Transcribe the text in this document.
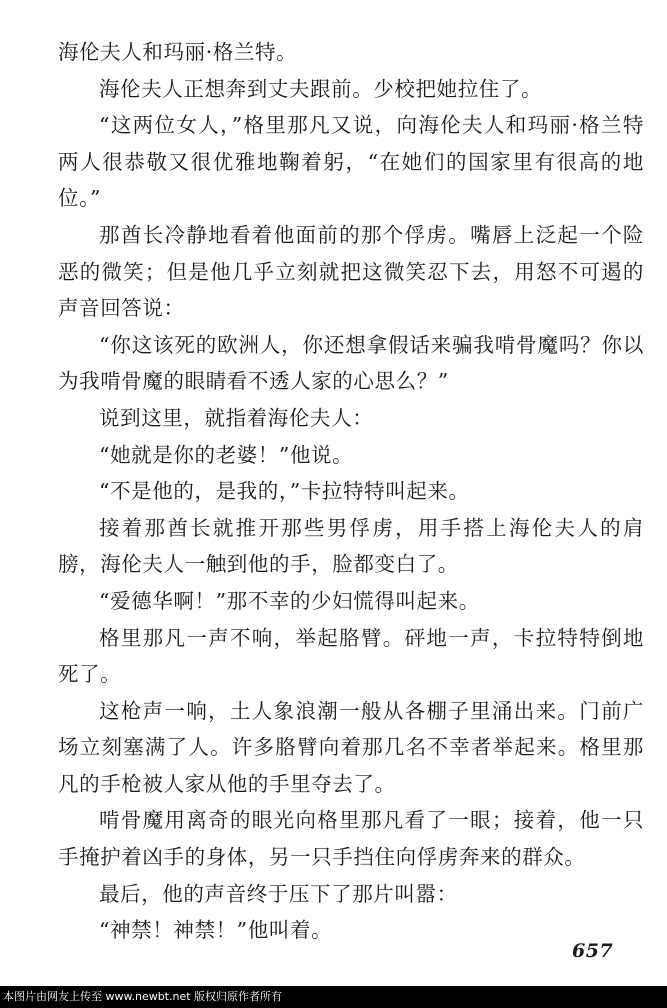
海伦夫人和玛丽·格兰特。

海伦夫人正想奔到丈夫跟前。少校把她拉住了。

“这两位女人，”格里那凡又说，向海伦夫人和玛丽·格兰特两人很恭敬又很优雅地鞠着躬，“在她们的国家里有很高的地位。”

那酋长冷静地看着他面前的那个俘虏。嘴唇上泛起一个险恶的微笑；但是他几乎立刻就把这微笑忍下去，用怒不可遏的声音回答说：

“你这该死的欧洲人，你还想拿假话来骗我啃骨魔吗？你以为我啃骨魔的眼睛看不透人家的心思么？”

说到这里，就指着海伦夫人：

“她就是你的老婆！”他说。

“不是他的，是我的，”卡拉特特叫起来。

接着那酋长就推开那些男俘虏，用手搭上海伦夫人的肩膀，海伦夫人一触到他的手，脸都变白了。

“爱德华啊！”那不幸的少妇慌得叫起来。

格里那凡一声不响，举起胳臂。砰地一声，卡拉特特倒地死了。

这枪声一响，土人象浪潮一般从各棚子里涌出来。门前广场立刻塞满了人。许多胳臂向着那几名不幸者举起来。格里那凡的手枪被人家从他的手里夺去了。

啃骨魔用离奇的眼光向格里那凡看了一眼；接着，他一只手掩护着凶手的身体，另一只手挡住向俘虏奔来的群众。

最后，他的声音终于压下了那片叫嚣：

“神禁！神禁！”他叫着。

657
本图片由网友上传至 www.newbt.net 版权归原作者所有
